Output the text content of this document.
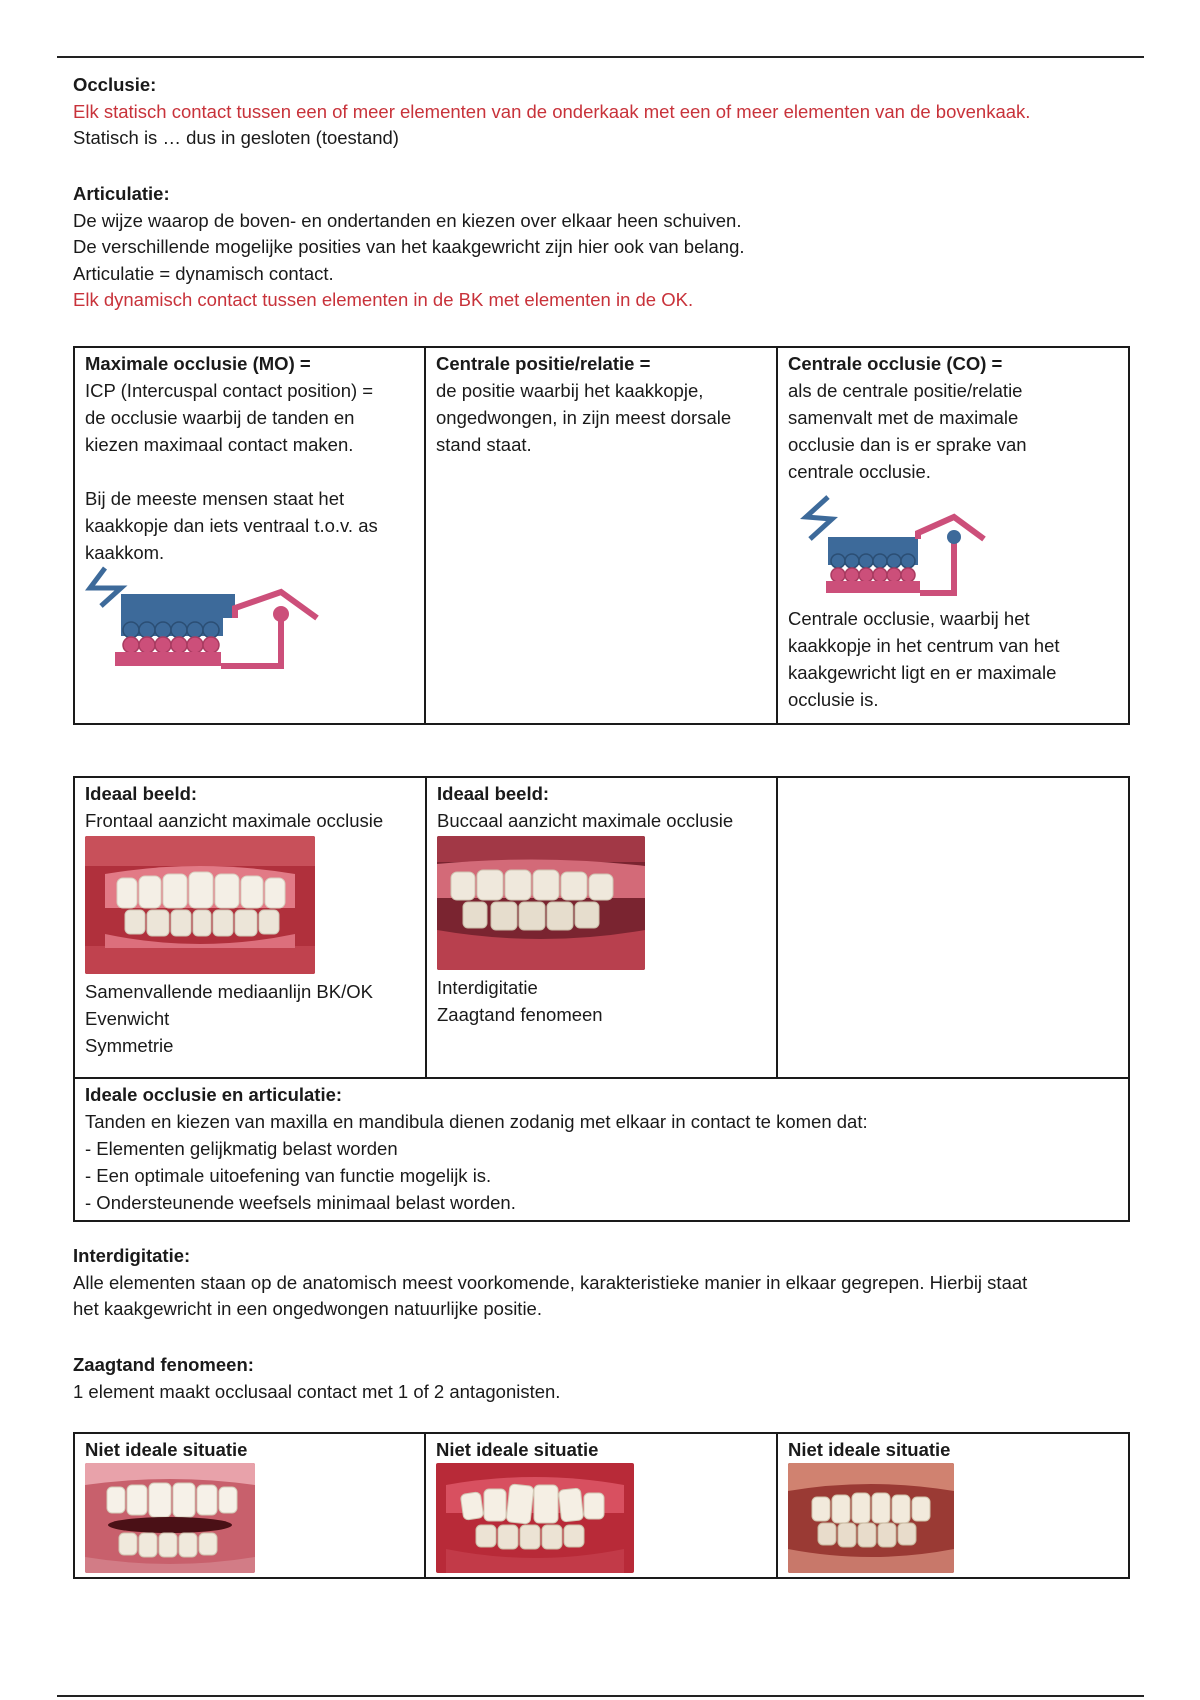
Occlusie:
Elk statisch contact tussen een of meer elementen van de onderkaak met een of meer elementen van de bovenkaak.
Statisch is … dus in gesloten (toestand)
Articulatie:
De wijze waarop de boven- en ondertanden en kiezen over elkaar heen schuiven.
De verschillende mogelijke posities van het kaakgewricht zijn hier ook van belang.
Articulatie = dynamisch contact.
Elk dynamisch contact tussen elementen in de BK met elementen in de OK.
Maximale occlusie (MO) =
ICP (Intercuspal contact position) =
de occlusie waarbij de tanden en
kiezen maximaal contact maken.
Bij de meeste mensen staat het
kaakkopje dan iets ventraal t.o.v. as
kaakkom.

Centrale positie/relatie =
de positie waarbij het kaakkopje,
ongedwongen, in zijn meest dorsale
stand staat.

Centrale occlusie (CO) =
als de centrale positie/relatie
samenvalt met de maximale
occlusie dan is er sprake van
centrale occlusie.
Centrale occlusie, waarbij het
kaakkopje in het centrum van het
kaakgewricht ligt en er maximale
occlusie is.
Ideaal beeld:
Frontaal aanzicht maximale occlusie
Samenvallende mediaanlijn BK/OK
Evenwicht
Symmetrie

Ideaal beeld:
Buccaal aanzicht maximale occlusie
Interdigitatie
Zaagtand fenomeen

Ideale occlusie en articulatie:
Tanden en kiezen van maxilla en mandibula dienen zodanig met elkaar in contact te komen dat:
- Elementen gelijkmatig belast worden
- Een optimale uitoefening van functie mogelijk is.
- Ondersteunende weefsels minimaal belast worden.
Interdigitatie:
Alle elementen staan op de anatomisch meest voorkomende, karakteristieke manier in elkaar gegrepen. Hierbij staat
het kaakgewricht in een ongedwongen natuurlijke positie.
Zaagtand fenomeen:
1 element maakt occlusaal contact met 1 of 2 antagonisten.
Niet ideale situatie	Niet ideale situatie	Niet ideale situatie
